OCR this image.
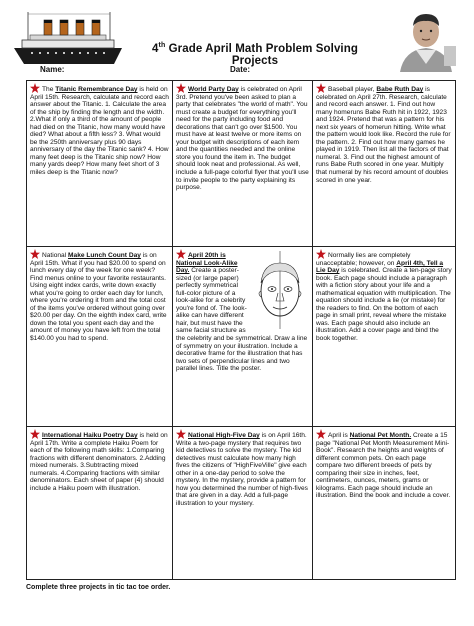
4th Grade April Math Problem Solving Projects
Name:	Date:
The Titanic Remembrance Day is held on April 15th. Research, calculate and record each answer about the Titanic. 1. Calculate the area of the ship by finding the length and the width. 2.What if only a third of the amount of people had died on the Titanic, how many would have died? What about a fifth less? 3. What would be the 250th anniversary plus 90 days anniversary of the day the Titanic sank? 4. How many feet deep is the Titanic ship now? How many yards deep? How many feet short of 3 miles deep is the Titanic now?
World Party Day is celebrated on April 3rd. Pretend you've been asked to plan a party that celebrates "the world of math". You must create a budget for everything you'll need for the party including food and decorations that can't go over $1500. You must have at least twelve or more items on your budget with descriptions of each item and the quantities needed and the online store you found the item in. The budget should look neat and professional. As well, include a full-page colorful flyer that you'll use to invite people to the party explaining its purpose.
Baseball player, Babe Ruth Day is celebrated on April 27th. Research, calculate and record each answer. 1. Find out how many homeruns Babe Ruth hit in 1922, 1923 and 1924. Pretend that was a pattern for his next six years of homerun hitting. Write what the pattern would look like. Record the rule for the pattern. 2. Find out how many games he played in 1919. Then list all the factors of that numeral. 3. Find out the highest amount of runs Babe Ruth scored in one year. Multiply that numeral by his record amount of doubles scored in one year.
National Make Lunch Count Day is on April 15th. What if you had $20.00 to spend on lunch every day of the week for one week? Find menus online to your favorite restaurants. Using eight index cards, write down exactly what you're going to order each day for lunch, where you're ordering it from and the total cost of the items you've ordered without going over $20.00 per day. On the eighth index card, write down the total you spent each day and the amount of money you have left from the total $140.00 you had to spend.
April 20th is National Look-Alike Day. Create a poster-sized (or large paper) perfectly symmetrical full-color picture of a look-alike for a celebrity you're fond of. The look-alike can have different hair, but must have the same facial structure as the celebrity and be symmetrical. Draw a line of symmetry on your illustration. Include a decorative frame for the illustration that has two sets of perpendicular lines and two parallel lines. Title the poster.
Normally lies are completely unacceptable; however, on April 4th, Tell a Lie Day is celebrated. Create a ten-page story book. Each page should include a paragraph with a fiction story about your life and a mathematical equation with multiplication. The equation should include a lie (or mistake) for the readers to find. On the bottom of each page in small print, reveal where the mistake was. Each page should also include an illustration. Add a cover page and bind the book together.
International Haiku Poetry Day is held on April 17th. Write a complete Haiku Poem for each of the following math skills: 1.Comparing fractions with different denominators. 2.Adding mixed numerals. 3.Subtracting mixed numerals. 4.Comparing fractions with similar denominators. Each sheet of paper (4) should include a Haiku poem with illustration.
National High-Five Day is on April 16th. Write a two-page mystery that requires two kid detectives to solve the mystery. The kid detectives must calculate how many high fives the citizens of "HighFiveVille" give each other in a one-day period to solve the mystery. In the mystery, provide a pattern for how you determined the number of high-fives that are given in a day. Add a full-page illustration to your mystery.
April is National Pet Month. Create a 15 page "National Pet Month Measurement Mini-Book". Research the heights and weights of different common pets. On each page compare two different breeds of pets by comparing their size in inches, feet, centimeters, ounces, meters, grams or kilograms. Each page should include an illustration. Bind the book and include a cover.
Complete three projects in tic tac toe order.
